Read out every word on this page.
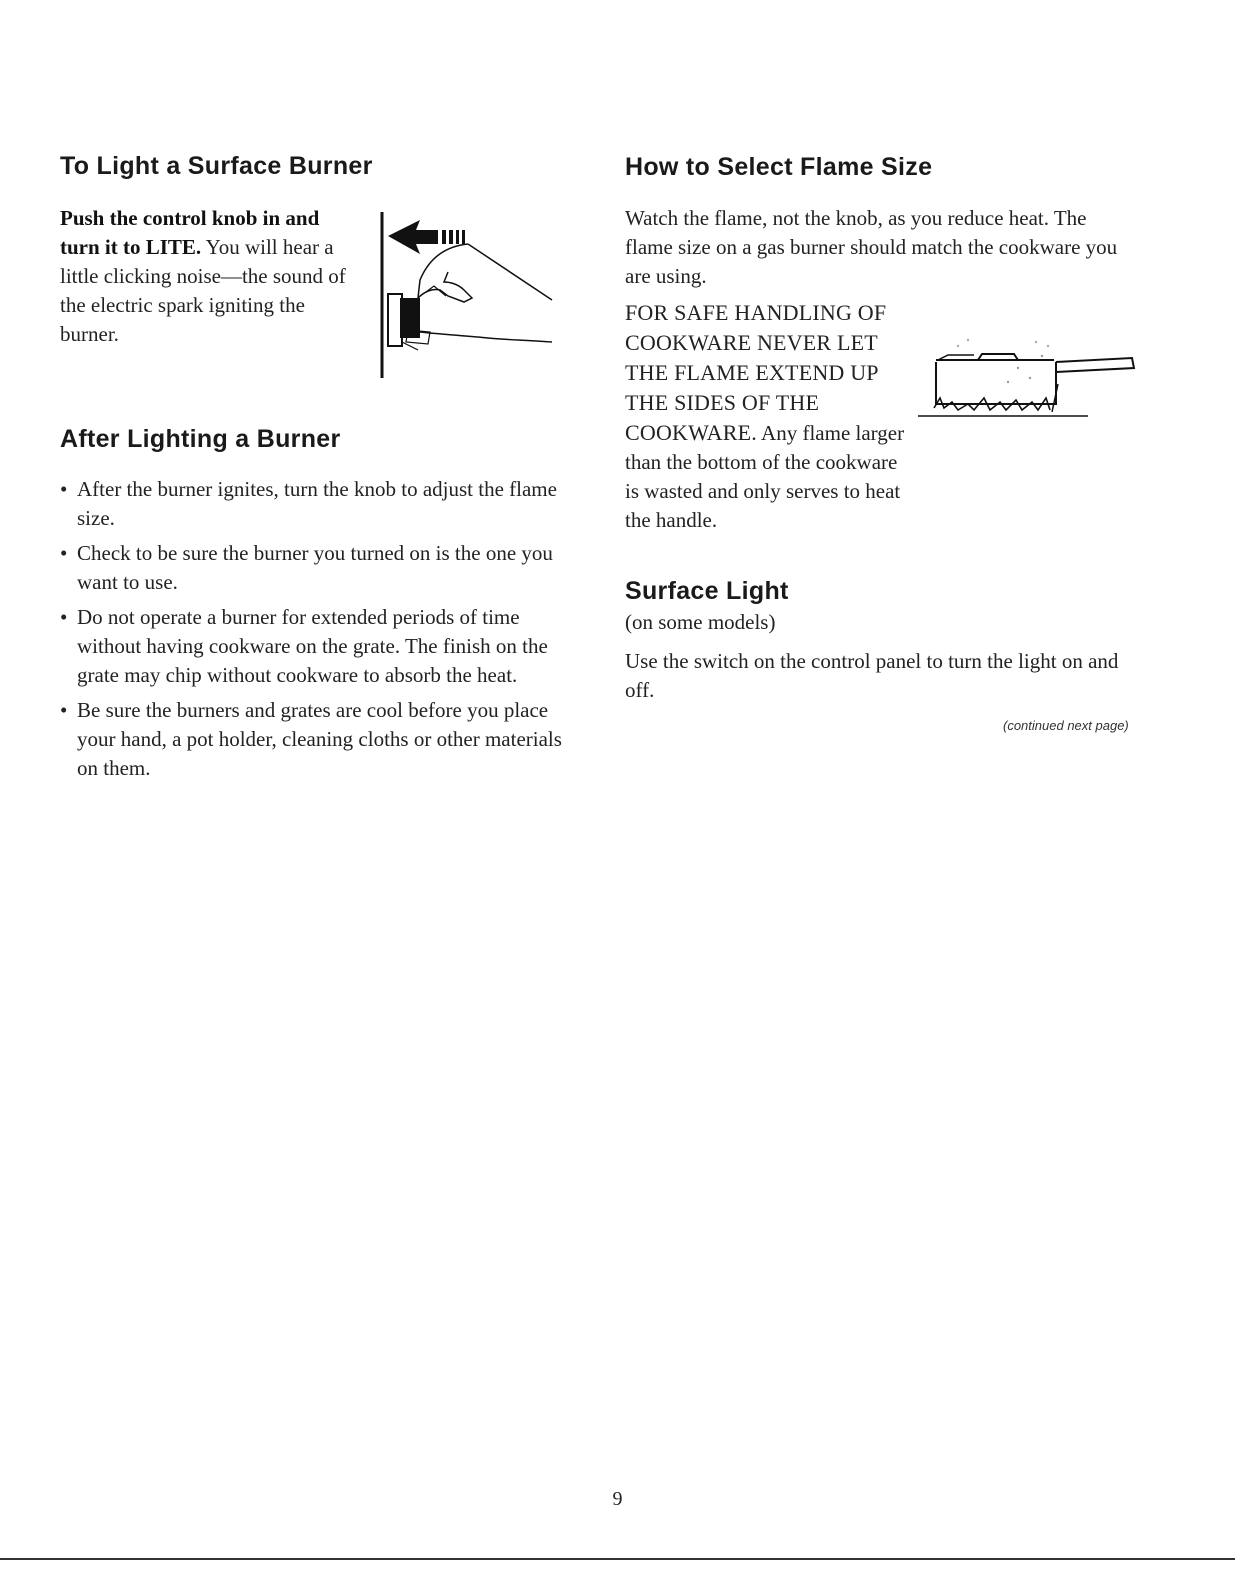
To Light a Surface Burner

Push the control knob in and turn it to LITE. You will hear a little clicking noise—the sound of the electric spark igniting the burner.

After Lighting a Burner
• After the burner ignites, turn the knob to adjust the flame size.
• Check to be sure the burner you turned on is the one you want to use.
• Do not operate a burner for extended periods of time without having cookware on the grate. The finish on the grate may chip without cookware to absorb the heat.
• Be sure the burners and grates are cool before you place your hand, a pot holder, cleaning cloths or other materials on them.
How to Select Flame Size

Watch the flame, not the knob, as you reduce heat. The flame size on a gas burner should match the cookware you are using.

FOR SAFE HANDLING OF COOKWARE NEVER LET THE FLAME EXTEND UP THE SIDES OF THE COOKWARE. Any flame larger than the bottom of the cookware is wasted and only serves to heat the handle.

Surface Light

(on some models)

Use the switch on the control panel to turn the light on and off.

(continued next page)
9
